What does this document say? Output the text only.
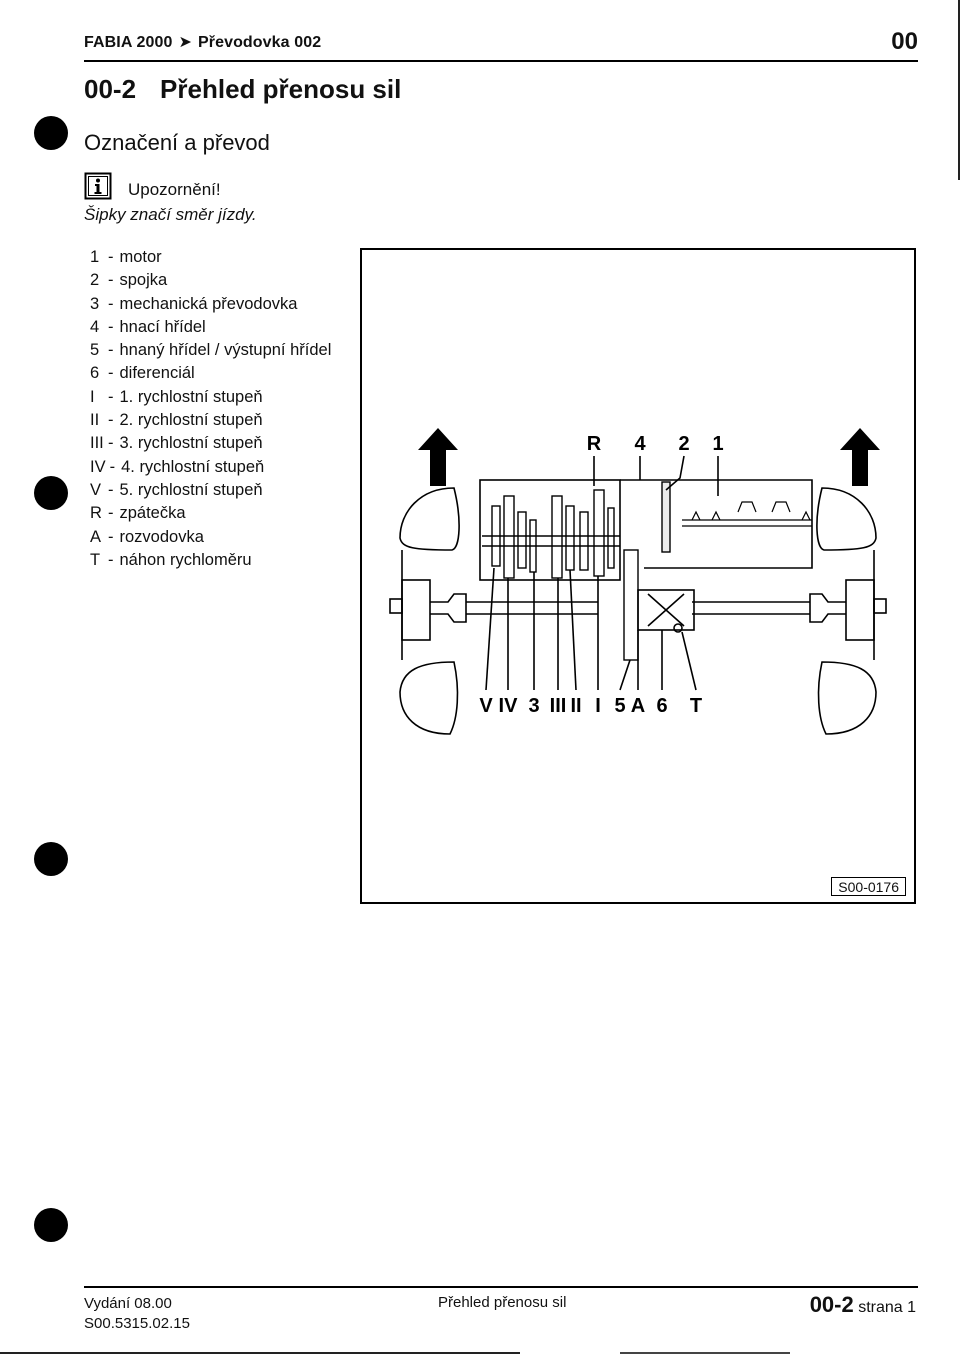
FABIA 2000 ➤ Převodovka 002	00
00-2 Přehled přenosu sil
Označení a převod
Upozornění!
Šipky značí směr jízdy.
1 - motor
2 - spojka
3 - mechanická převodovka
4 - hnací hřídel
5 - hnaný hřídel / výstupní hřídel
6 - diferenciál
I - 1. rychlostní stupeň
II - 2. rychlostní stupeň
III - 3. rychlostní stupeň
IV - 4. rychlostní stupeň
V - 5. rychlostní stupeň
R - zpátečka
A - rozvodovka
T - náhon rychloměru
R 4 2 1
V IV 3 III II I 5 A 6 T
S00-0176
Vydání 08.00
S00.5315.02.15
Přehled přenosu sil	00-2 strana 1
